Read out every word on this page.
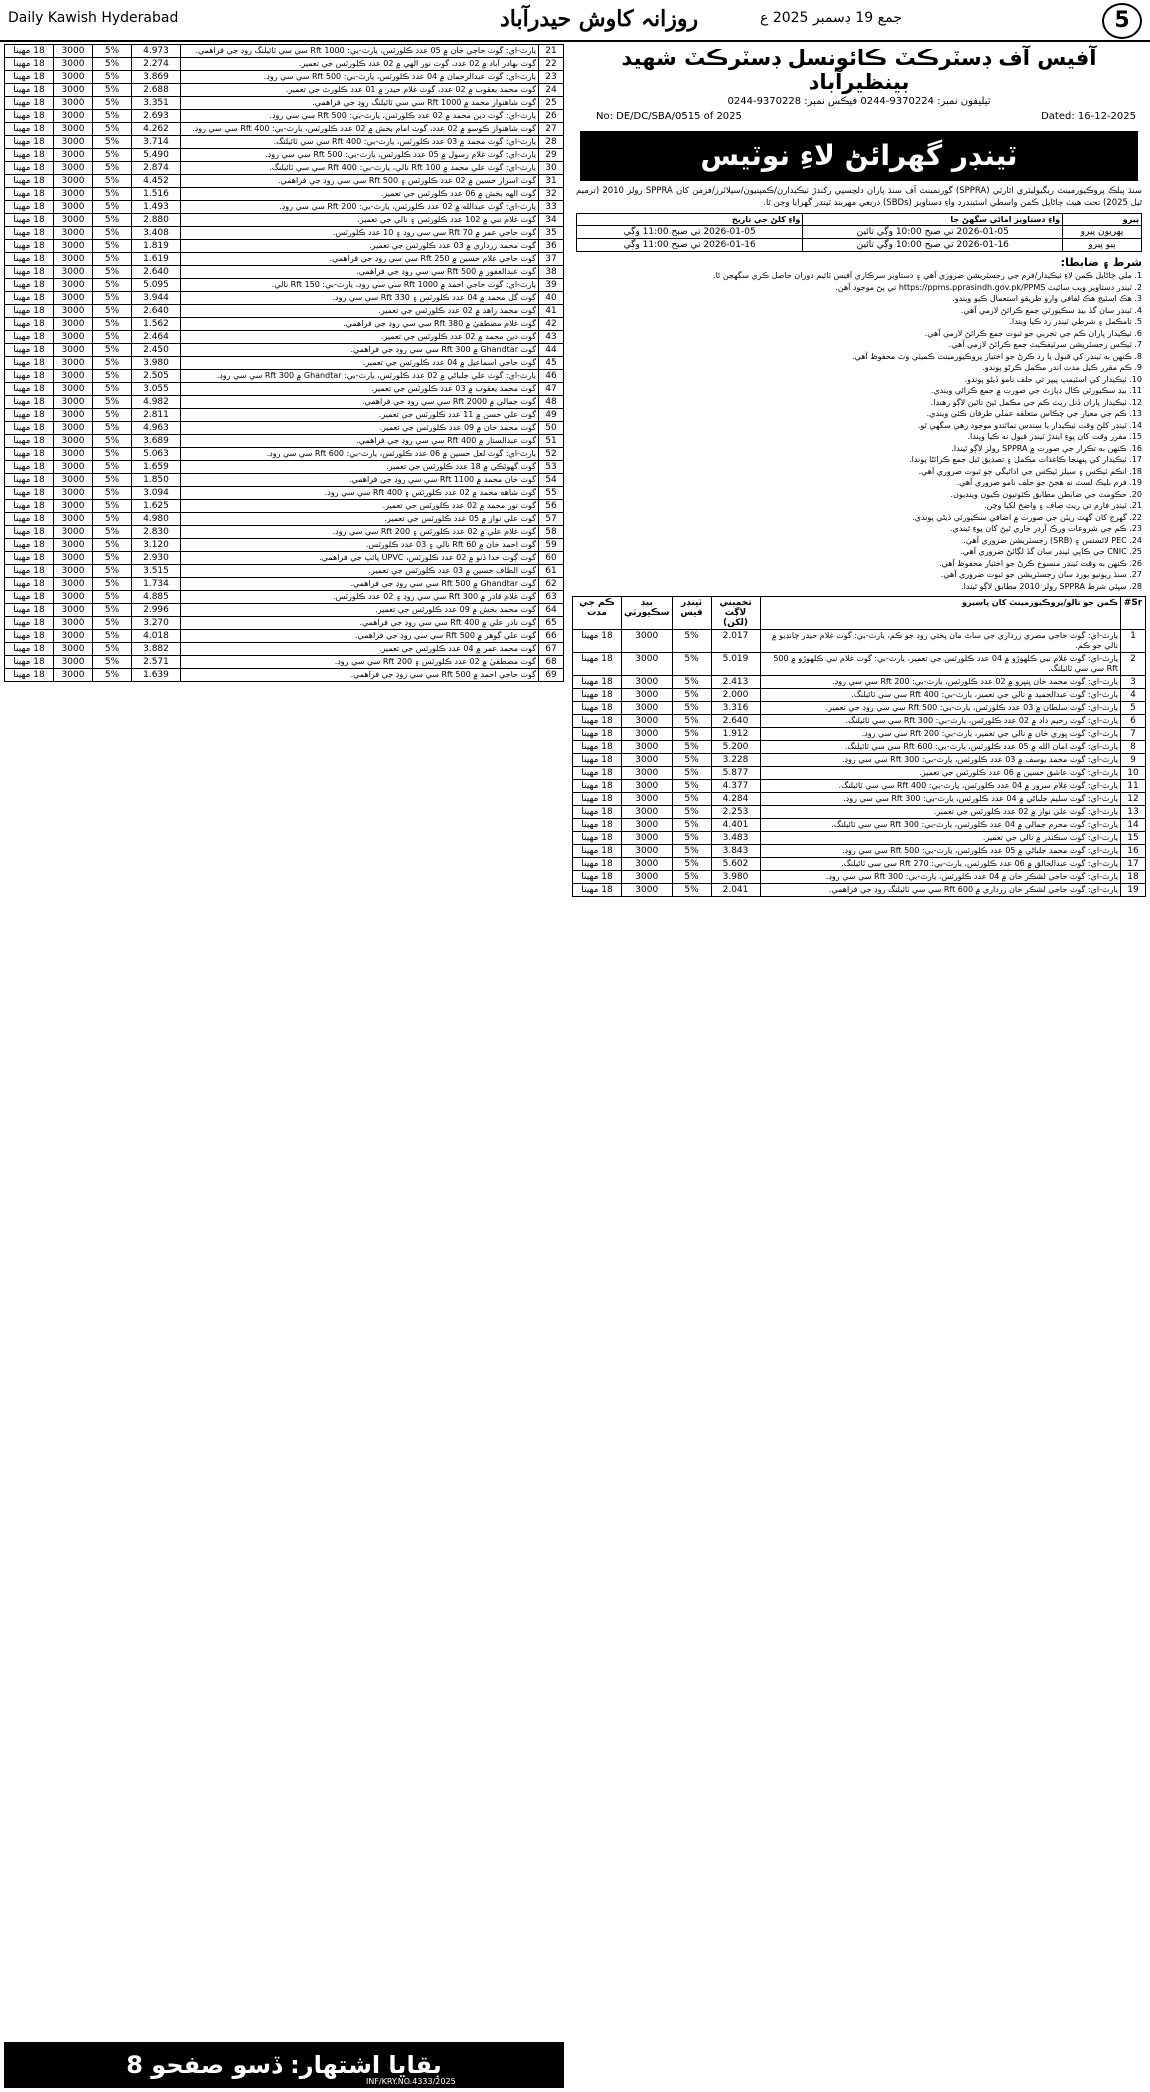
Daily Kawish Hyderabad	جمع 19 ڊسمبر 2025 ع
روزانہ کاوش حیدرآباد	5
آفيس آف ڊسٽرڪٽ ڪائونسل ڊسٽرڪٽ شهيد بينظيرآباد
ٽيليفون نمبر: 9370224-0244 فيڪس نمبر: 9370228-0244
No: DE/DC/SBA/0515 of 2025	Dated: 16-12-2025
ٽينڊر گهرائڻ لاءِ نوٽيس
سنڌ پبلڪ پروڪيورمينٽ ريگيوليٽري اٿارٽي (SPPRA) گورنمينٽ آف سنڌ پاران دلچسپي رکندڙ ٺيڪيدارن/ڪمپنيون/سپلائرز/فرمن کان SPPRA رولز 2010 (ترميم ٿيل 2025) تحت هيٺ ڄاڻايل ڪمن واسطي اسٽينڊرڊ واءِ دستاويز (SBDs) ذريعي مهربند ٽينڊر گهرايا وڃن ٿا.
پيرو	واءِ دستاويز اماڻي سگهڻ جا	واءِ کلڻ جي تاريخ
پهريون پيرو	2026-01-05 تي صبح 10:00 وڳي تائين	2026-01-05 تي صبح 11:00 وڳي
ٻيو پيرو	2026-01-16 تي صبح 10:00 وڳي تائين	2026-01-16 تي صبح 11:00 وڳي
شرط ۽ ضابطا:
1. ملي ڄاڻايل ڪمن لاءِ ٺيڪيدار/فرم جي رجسٽريشن ضروري آهي ۽ دستاويز سرڪاري آفيس ٽائيم دوران حاصل ڪري سگهجن ٿا.
2. ٽينڊر دستاويز ويب سائيٽ https://ppms.pprasindh.gov.pk/PPMS تي پڻ موجود آهن.
3. هڪ اسٽيج هڪ لفافي وارو طريقو استعمال ڪيو ويندو.
4. ٽينڊر سان گڏ بيڊ سڪيورٽي جمع ڪرائڻ لازمي آهي.
5. نامڪمل ۽ شرطي ٽينڊر رد ڪيا ويندا.
6. ٺيڪيدار پاران ڪم جي تجربي جو ثبوت جمع ڪرائڻ لازمي آهي.
7. ٽيڪس رجسٽريشن سرٽيفڪيٽ جمع ڪرائڻ لازمي آهي.
8. ڪنهن به ٽينڊر کي قبول يا رد ڪرڻ جو اختيار پروڪيورمينٽ ڪميٽي وٽ محفوظ آهي.
9. ڪم مقرر ڪيل مدت اندر مڪمل ڪرڻو پوندو.
10. ٺيڪيدار کي اسٽيمپ پيپر تي حلف نامو ڏيڻو پوندو.
11. بيڊ سڪيورٽي ڪال ڊپازٽ جي صورت ۾ جمع ڪرائي ويندي.
12. ٺيڪيدار پاران ڏنل ريٽ ڪم جي مڪمل ٿيڻ تائين لاڳو رهندا.
13. ڪم جي معيار جي چڪاس متعلقه عملي طرفان ڪئي ويندي.
14. ٽينڊر کلڻ وقت ٺيڪيدار يا سندس نمائندو موجود رهي سگهي ٿو.
15. مقرر وقت کان پوءِ ايندڙ ٽينڊر قبول نه ڪيا ويندا.
16. ڪنهن به تڪرار جي صورت ۾ SPPRA رولز لاڳو ٿيندا.
17. ٺيڪيدار کي پنهنجا ڪاغذات مڪمل ۽ تصديق ٿيل جمع ڪرائڻا پوندا.
18. انڪم ٽيڪس ۽ سيلز ٽيڪس جي ادائيگي جو ثبوت ضروري آهي.
19. فرم بليڪ لسٽ نه هجڻ جو حلف نامو ضروري آهي.
20. حڪومت جي ضابطن مطابق ڪٽوتيون ڪيون وينديون.
21. ٽينڊر فارم تي ريٽ صاف ۽ واضح لکيا وڃن.
22. گهرج کان گهٽ ريٽن جي صورت ۾ اضافي سڪيورٽي ڏيڻي پوندي.
23. ڪم جي شروعات ورڪ آرڊر جاري ٿيڻ کان پوءِ ٿيندي.
24. PEC لائسنس ۽ (SRB) رجسٽريشن ضروري آهي.
25. CNIC جي ڪاپي ٽينڊر سان گڏ لڳائڻ ضروري آهي.
26. ڪنهن به وقت ٽينڊر منسوخ ڪرڻ جو اختيار محفوظ آهي.
27. سنڌ ريونيو بورڊ سان رجسٽريشن جو ثبوت ضروري آهي.
28. سڀئي شرط SPPRA رولز 2010 مطابق لاڳو ٿيندا.
Sr#	ڪمن جو نالو/پروڪيورمينٽ کان پاسيرو	تخميني لاڳت (لکن)	ٽينڊر فيس	بيڊ سڪيورٽي	ڪم جي مدت
1	يارٽ-اي: گوٺ حاجي مصري زرداري جي ساٿ مان پختي روڊ جو ڪم، يارٽ-بي: گوٺ غلام حيدر چانڊيو ۾ نالي جو ڪم.	2.017	5%	3000	18 مهينا
2	يارٽ-اي: گوٺ غلام نبي ڪلهوڙو ۾ 04 عدد ڪلورٽس جي تعمير، يارٽ-بي: گوٺ غلام نبي ڪلهوڙو ۾ 500 Rft سي سي ٽائيلنگ.	5.019	5%	3000	18 مهينا
3	يارٽ-اي: گوٺ محمد خان ڀنڀرو ۾ 02 عدد ڪلورٽس، يارٽ-بي: 200 Rft سي سي روڊ.	2.413	5%	3000	18 مهينا
4	يارٽ-اي: گوٺ عبدالحميد ۾ نالي جي تعمير، يارٽ-بي: 400 Rft سي سي ٽائيلنگ.	2.000	5%	3000	18 مهينا
5	يارٽ-اي: گوٺ سلطان ۾ 03 عدد ڪلورٽس، يارٽ-بي: 500 Rft سي سي روڊ جي تعمير.	3.316	5%	3000	18 مهينا
6	يارٽ-اي: گوٺ رحيم داد ۾ 02 عدد ڪلورٽس، يارٽ-بي: 300 Rft سي سي ٽائيلنگ.	2.640	5%	3000	18 مهينا
7	يارٽ-اي: گوٺ ڀوري خان ۾ نالي جي تعمير، يارٽ-بي: 200 Rft سي سي روڊ.	1.912	5%	3000	18 مهينا
8	يارٽ-اي: گوٺ امان الله ۾ 05 عدد ڪلورٽس، يارٽ-بي: 600 Rft سي سي ٽائيلنگ.	5.200	5%	3000	18 مهينا
9	يارٽ-اي: گوٺ محمد يوسف ۾ 03 عدد ڪلورٽس، يارٽ-بي: 300 Rft سي سي روڊ.	3.228	5%	3000	18 مهينا
10	يارٽ-اي: گوٺ عاشق حسين ۾ 06 عدد ڪلورٽس جي تعمير.	5.877	5%	3000	18 مهينا
11	يارٽ-اي: گوٺ غلام سرور ۾ 04 عدد ڪلورٽس، يارٽ-بي: 400 Rft سي سي ٽائيلنگ.	4.377	5%	3000	18 مهينا
12	يارٽ-اي: گوٺ سليم جلباڻي ۾ 04 عدد ڪلورٽس، يارٽ-بي: 300 Rft سي سي روڊ.	4.284	5%	3000	18 مهينا
13	يارٽ-اي: گوٺ علي نواز ۾ 02 عدد ڪلورٽس جي تعمير.	2.253	5%	3000	18 مهينا
14	يارٽ-اي: گوٺ محرم جمالي ۾ 04 عدد ڪلورٽس، يارٽ-بي: 300 Rft سي سي ٽائيلنگ.	4.401	5%	3000	18 مهينا
15	يارٽ-اي: گوٺ سڪندر ۾ نالي جي تعمير.	3.483	5%	3000	18 مهينا
16	يارٽ-اي: گوٺ محمد جلباڻي ۾ 05 عدد ڪلورٽس، يارٽ-بي: 500 Rft سي سي روڊ.	3.843	5%	3000	18 مهينا
17	يارٽ-اي: گوٺ عبدالخالق ۾ 06 عدد ڪلورٽس، يارٽ-بي: 270 Rft سي سي ٽائيلنگ.	5.602	5%	3000	18 مهينا
18	يارٽ-اي: گوٺ حاجي لشڪر خان ۾ 04 عدد ڪلورٽس، يارٽ-بي: 300 Rft سي سي روڊ.	3.980	5%	3000	18 مهينا
19	يارٽ-اي: گوٺ حاجي لشڪر خان زرداري ۾ 600 Rft سي سي ٽائيلنگ روڊ جي فراهمي.	2.041	5%	3000	18 مهينا
21	يارٽ-اي: گوٺ حاجي خان ۾ 05 عدد ڪلورٽس، يارٽ-بي: 1000 Rft سي سي ٽائيلنگ روڊ جي فراهمي.	4.973	5%	3000	18 مهينا
22	گوٺ بهادر آباد ۾ 02 عدد، گوٺ نور الٰهي ۾ 02 عدد ڪلورٽس جي تعمير.	2.274	5%	3000	18 مهينا
23	يارٽ-اي: گوٺ عبدالرحمان ۾ 04 عدد ڪلورٽس، يارٽ-بي: 500 Rft سي سي روڊ.	3.869	5%	3000	18 مهينا
24	گوٺ محمد يعقوب ۾ 02 عدد، گوٺ غلام حيدر ۾ 01 عدد ڪلورٽ جي تعمير.	2.688	5%	3000	18 مهينا
25	گوٺ شاهنواز محمد ۾ 1000 Rft سي سي ٽائيلنگ روڊ جي فراهمي.	3.351	5%	3000	18 مهينا
26	يارٽ-اي: گوٺ دين محمد ۾ 02 عدد ڪلورٽس، يارٽ-بي: 500 Rft سي سي روڊ.	2.693	5%	3000	18 مهينا
27	گوٺ شاهنواز ڪوسو ۾ 02 عدد، گوٺ امام بخش ۾ 02 عدد ڪلورٽس، يارٽ-بي: 400 Rft سي سي روڊ.	4.262	5%	3000	18 مهينا
28	يارٽ-اي: گوٺ محمد ۾ 03 عدد ڪلورٽس، يارٽ-بي: 400 Rft سي سي ٽائيلنگ.	3.714	5%	3000	18 مهينا
29	يارٽ-اي: گوٺ غلام رسول ۾ 05 عدد ڪلورٽس، يارٽ-بي: 500 Rft سي سي روڊ.	5.490	5%	3000	18 مهينا
30	يارٽ-اي: گوٺ علي محمد ۾ 100 Rft نالي، يارٽ-بي: 400 Rft سي سي ٽائيلنگ.	2.874	5%	3000	18 مهينا
31	گوٺ اسرار حسين ۾ 02 عدد ڪلورٽس ۽ 500 Rft سي سي روڊ جي فراهمي.	4.452	5%	3000	18 مهينا
32	گوٺ الهه بخش ۾ 06 عدد ڪلورٽس جي تعمير.	1.516	5%	3000	18 مهينا
33	يارٽ-اي: گوٺ عبدالله ۾ 02 عدد ڪلورٽس، يارٽ-بي: 200 Rft سي سي روڊ.	1.493	5%	3000	18 مهينا
34	گوٺ غلام نبي ۾ 102 عدد ڪلورٽس ۽ نالي جي تعمير.	2.880	5%	3000	18 مهينا
35	گوٺ حاجي عمر ۾ 70 Rft سي سي روڊ ۽ 10 عدد ڪلورٽس.	3.408	5%	3000	18 مهينا
36	گوٺ محمد زرداري ۾ 03 عدد ڪلورٽس جي تعمير.	1.819	5%	3000	18 مهينا
37	گوٺ حاجي غلام حسين ۾ 250 Rft سي سي روڊ جي فراهمي.	1.619	5%	3000	18 مهينا
38	گوٺ عبدالغفور ۾ 500 Rft سي سي روڊ جي فراهمي.	2.640	5%	3000	18 مهينا
39	يارٽ-اي: گوٺ حاجي احمد ۾ 1000 Rft سي سي روڊ، يارٽ-بي: 150 Rft نالي.	5.095	5%	3000	18 مهينا
40	گوٺ گل محمد ۾ 04 عدد ڪلورٽس ۽ 330 Rft سي سي روڊ.	3.944	5%	3000	18 مهينا
41	گوٺ محمد زاهد ۾ 02 عدد ڪلورٽس جي تعمير.	2.640	5%	3000	18 مهينا
42	گوٺ غلام مصطفيٰ ۾ 380 Rft سي سي روڊ جي فراهمي.	1.562	5%	3000	18 مهينا
43	گوٺ دين محمد ۾ 02 عدد ڪلورٽس جي تعمير.	2.464	5%	3000	18 مهينا
44	گوٺ Ghandtar ۾ 300 Rft سي سي روڊ جي فراهمي.	2.450	5%	3000	18 مهينا
45	گوٺ حاجي اسماعيل ۾ 04 عدد ڪلورٽس جي تعمير.	3.980	5%	3000	18 مهينا
46	يارٽ-اي: گوٺ علي جلباڻي ۾ 02 عدد ڪلورٽس، يارٽ-بي: Ghandtar ۾ 300 Rft سي سي روڊ.	2.505	5%	3000	18 مهينا
47	گوٺ محمد يعقوب ۾ 03 عدد ڪلورٽس جي تعمير.	3.055	5%	3000	18 مهينا
48	گوٺ جمالي ۾ 2000 Rft سي سي روڊ جي فراهمي.	4.982	5%	3000	18 مهينا
49	گوٺ علي حسن ۾ 11 عدد ڪلورٽس جي تعمير.	2.811	5%	3000	18 مهينا
50	گوٺ محمد خان ۾ 09 عدد ڪلورٽس جي تعمير.	4.963	5%	3000	18 مهينا
51	گوٺ عبدالستار ۾ 400 Rft سي سي روڊ جي فراهمي.	3.689	5%	3000	18 مهينا
52	يارٽ-اي: گوٺ لعل حسين ۾ 06 عدد ڪلورٽس، يارٽ-بي: 600 Rft سي سي روڊ.	5.063	5%	3000	18 مهينا
53	گوٺ گهوٽڪي ۾ 18 عدد ڪلورٽس جي تعمير.	1.659	5%	3000	18 مهينا
54	گوٺ خان محمد ۾ 1100 Rft سي سي روڊ جي فراهمي.	1.850	5%	3000	18 مهينا
55	گوٺ شاهه محمد ۾ 02 عدد ڪلورٽس ۽ 400 Rft سي سي روڊ.	3.094	5%	3000	18 مهينا
56	گوٺ نور محمد ۾ 02 عدد ڪلورٽس جي تعمير.	1.625	5%	3000	18 مهينا
57	گوٺ علي نواز ۾ 05 عدد ڪلورٽس جي تعمير.	4.980	5%	3000	18 مهينا
58	گوٺ غلام علي ۾ 02 عدد ڪلورٽس ۽ 200 Rft سي سي روڊ.	2.830	5%	3000	18 مهينا
59	گوٺ احمد خان ۾ 60 Rft نالي ۽ 03 عدد ڪلورٽس.	3.120	5%	3000	18 مهينا
60	گوٺ ڳوٺ خدا ڏنو ۾ 02 عدد ڪلورٽس، UPVC پائپ جي فراهمي.	2.930	5%	3000	18 مهينا
61	گوٺ الطاف حسين ۾ 03 عدد ڪلورٽس جي تعمير.	3.515	5%	3000	18 مهينا
62	گوٺ Ghandtar ۾ 500 Rft سي سي روڊ جي فراهمي.	1.734	5%	3000	18 مهينا
63	گوٺ غلام قادر ۾ 300 Rft سي سي روڊ ۽ 02 عدد ڪلورٽس.	4.885	5%	3000	18 مهينا
64	گوٺ محمد بخش ۾ 09 عدد ڪلورٽس جي تعمير.	2.996	5%	3000	18 مهينا
65	گوٺ نادر علي ۾ 400 Rft سي سي روڊ جي فراهمي.	3.270	5%	3000	18 مهينا
66	گوٺ علي گوهر ۾ 500 Rft سي سي روڊ جي فراهمي.	4.018	5%	3000	18 مهينا
67	گوٺ محمد عمر ۾ 04 عدد ڪلورٽس جي تعمير.	3.882	5%	3000	18 مهينا
68	گوٺ مصطفيٰ ۾ 02 عدد ڪلورٽس ۽ 200 Rft سي سي روڊ.	2.571	5%	3000	18 مهينا
69	گوٺ حاجي احمد ۾ 500 Rft سي سي روڊ جي فراهمي.	1.639	5%	3000	18 مهينا
بقايا اشتهار: ڏسو صفحو 8
INF/KRY.NO.4333/2025
